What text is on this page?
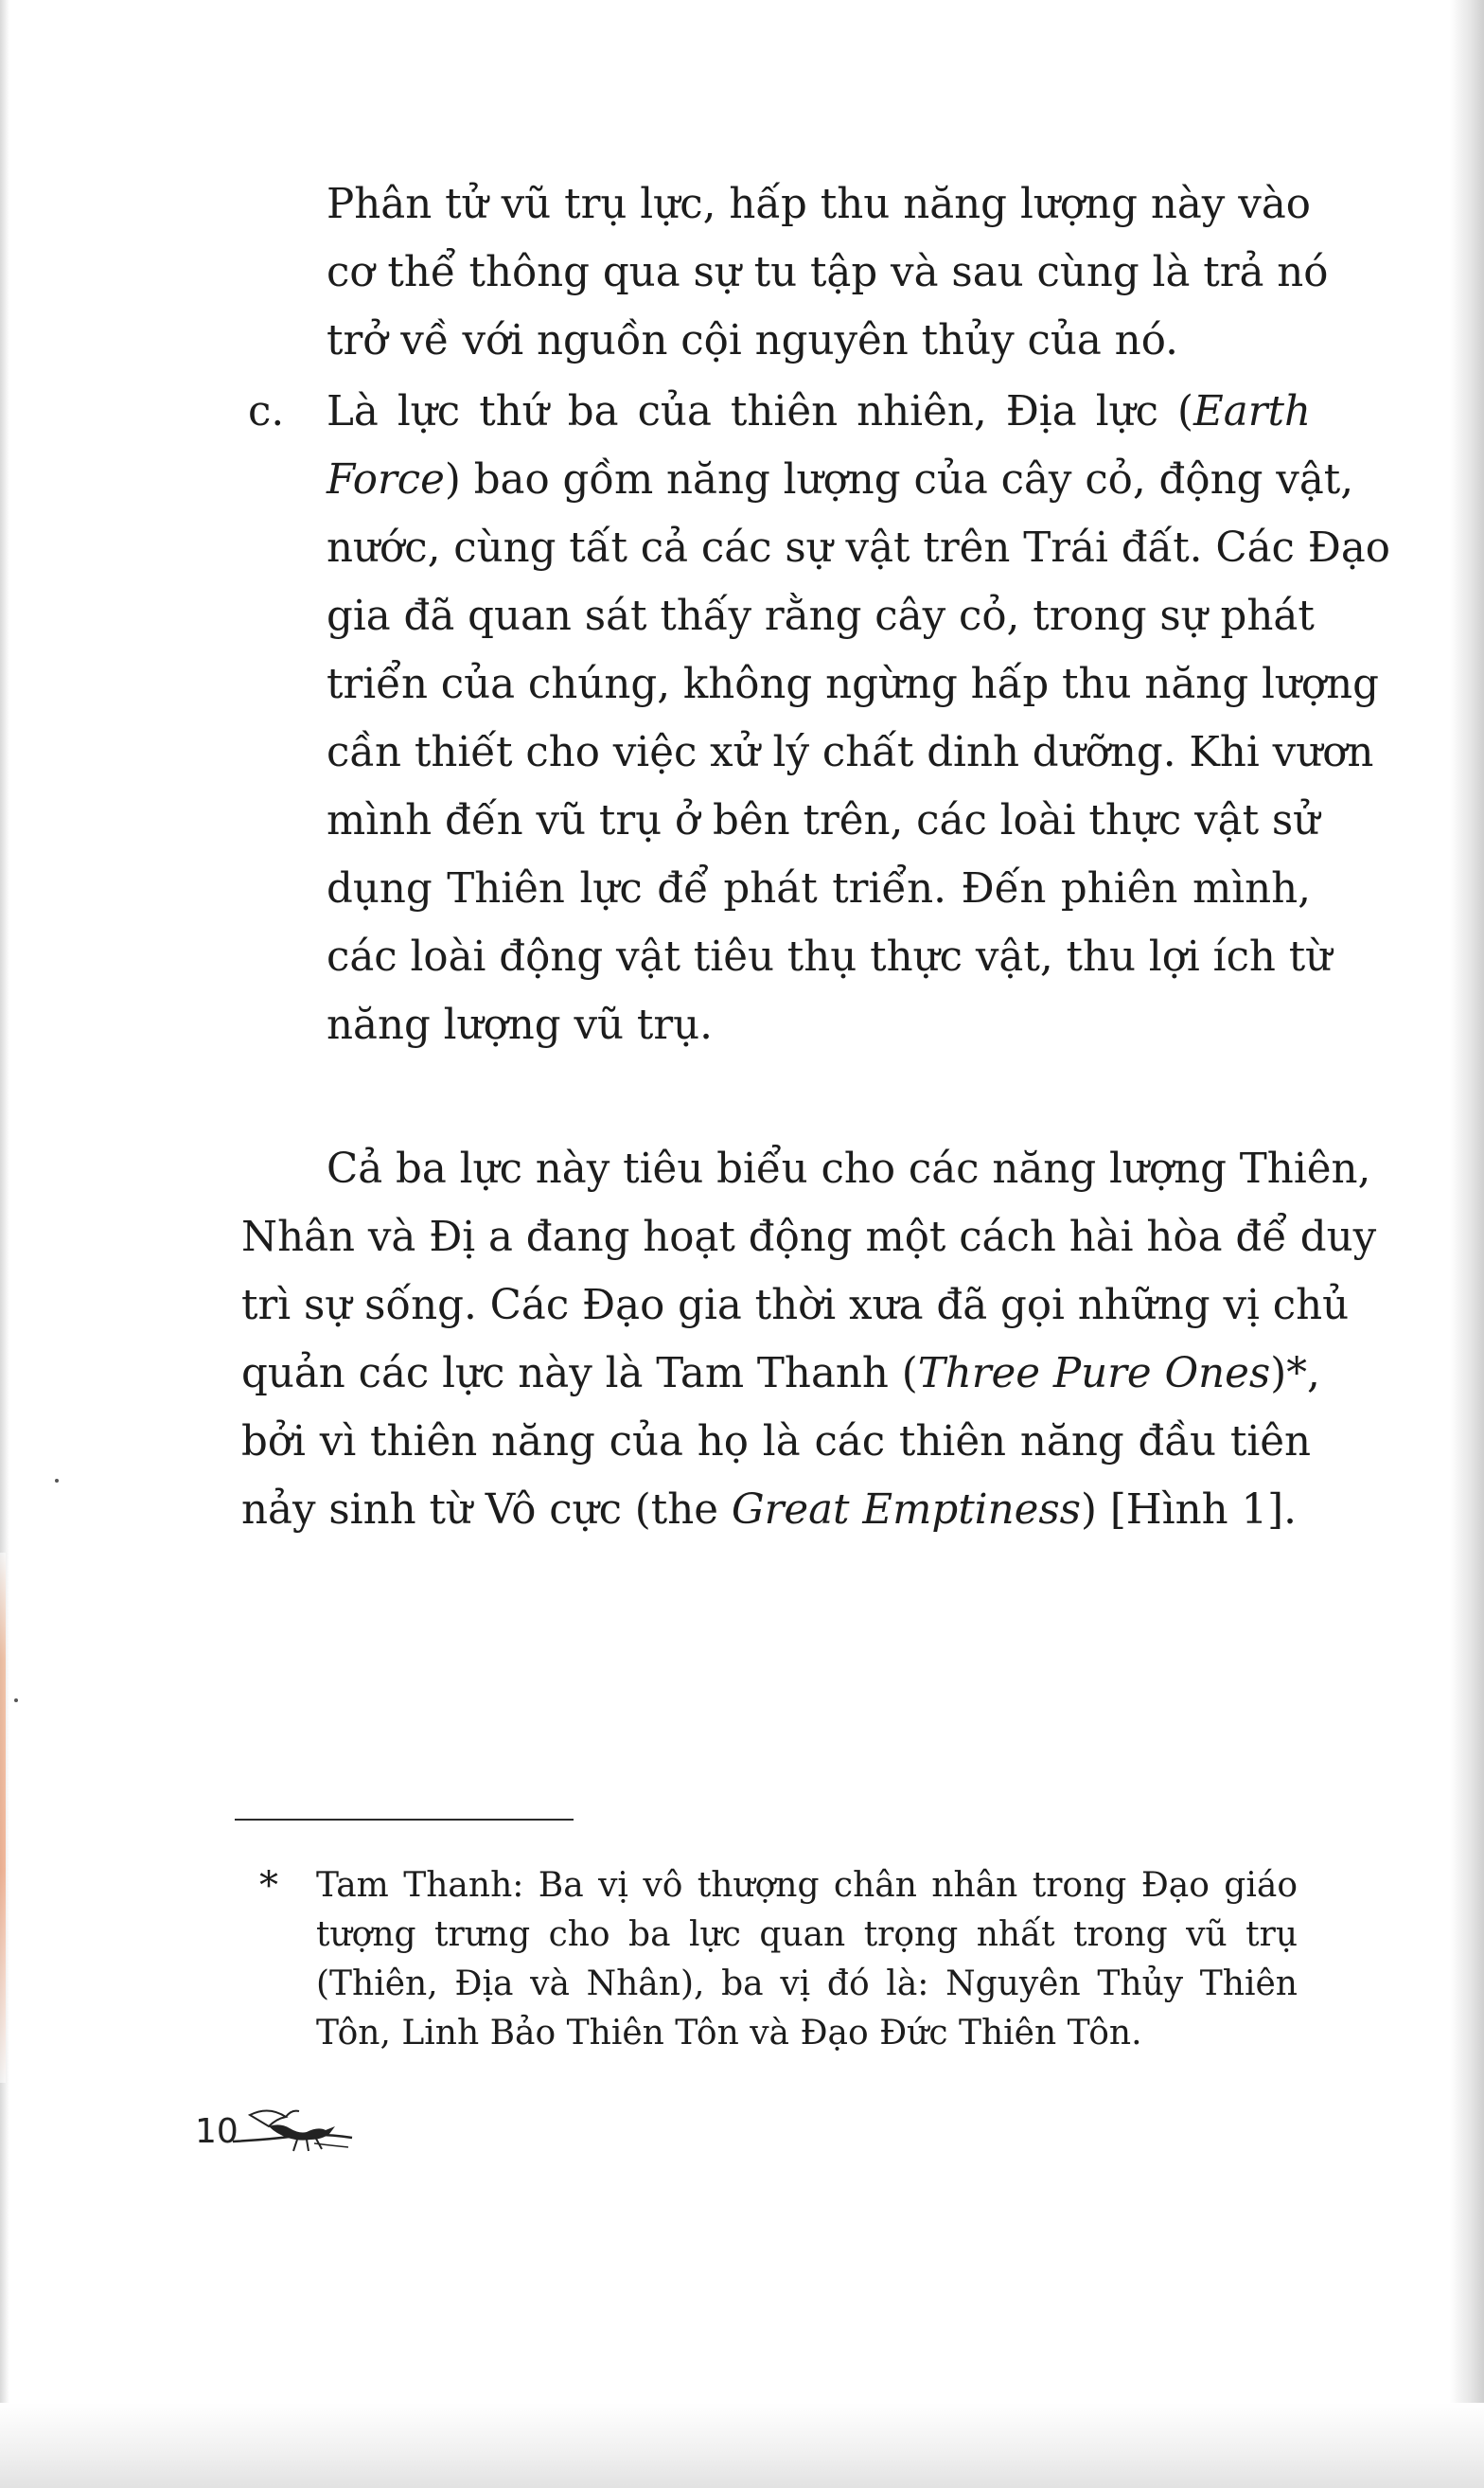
Phân tử vũ trụ lực, hấp thu năng lượng này vào
cơ thể thông qua sự tu tập và sau cùng là trả nó
trở về với nguồn cội nguyên thủy của nó.
c. Là lực thứ ba của thiên nhiên, Địa lực (Earth
Force) bao gồm năng lượng của cây cỏ, động vật,
nước, cùng tất cả các sự vật trên Trái đất. Các Đạo
gia đã quan sát thấy rằng cây cỏ, trong sự phát
triển của chúng, không ngừng hấp thu năng lượng
cần thiết cho việc xử lý chất dinh dưỡng. Khi vươn
mình đến vũ trụ ở bên trên, các loài thực vật sử
dụng Thiên lực để phát triển. Đến phiên mình,
các loài động vật tiêu thụ thực vật, thu lợi ích từ
năng lượng vũ trụ.
Cả ba lực này tiêu biểu cho các năng lượng Thiên,
Nhân và Đị a đang hoạt động một cách hài hòa để duy
trì sự sống. Các Đạo gia thời xưa đã gọi những vị chủ
quản các lực này là Tam Thanh (Three Pure Ones)*,
bởi vì thiên năng của họ là các thiên năng đầu tiên
nảy sinh từ Vô cực (the Great Emptiness) [Hình 1].
* Tam Thanh: Ba vị vô thượng chân nhân trong Đạo giáo
tượng trưng cho ba lực quan trọng nhất trong vũ trụ
(Thiên, Địa và Nhân), ba vị đó là: Nguyên Thủy Thiên
Tôn, Linh Bảo Thiên Tôn và Đạo Đức Thiên Tôn.
10
